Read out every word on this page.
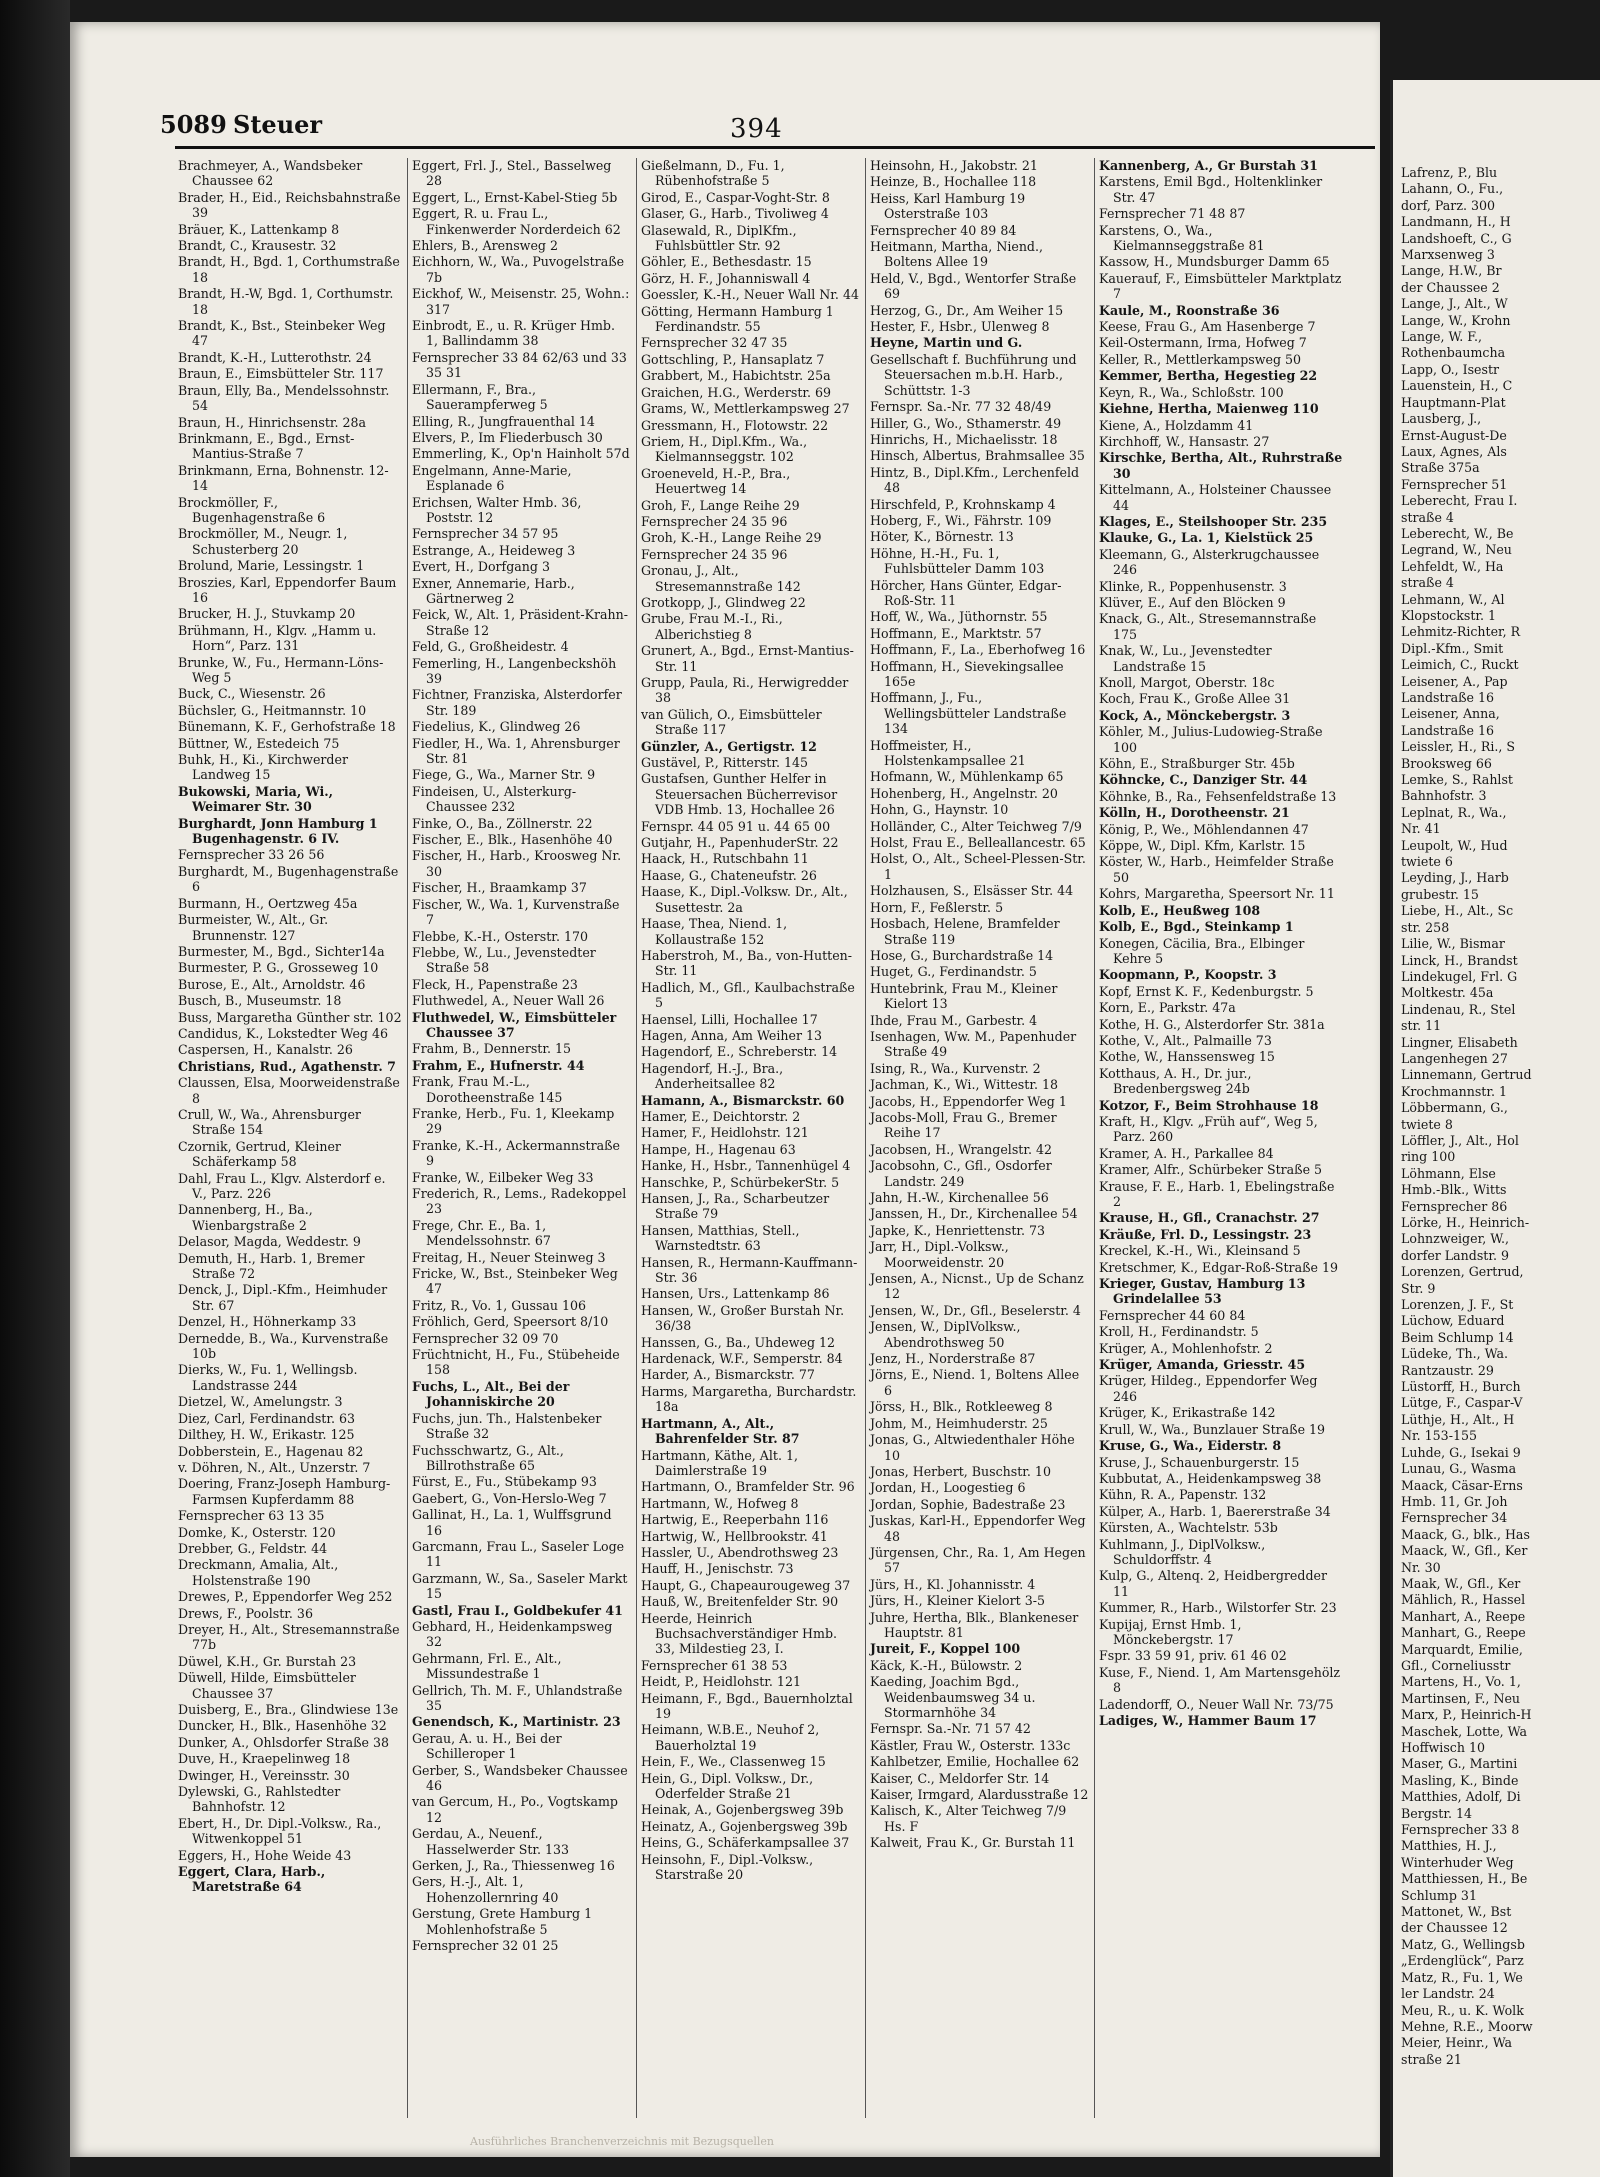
5089 Steuer	394

Brachmeyer, A., Wandsbeker Chaussee 62

Brader, H., Eid., Reichsbahnstraße 39

Bräuer, K., Lattenkamp 8

Brandt, C., Krausestr. 32

Brandt, H., Bgd. 1, Corthumstraße 18

Brandt, H.-W, Bgd. 1, Corthumstr. 18

Brandt, K., Bst., Steinbeker Weg 47

Brandt, K.-H., Lutterothstr. 24

Braun, E., Eimsbütteler Str. 117

Braun, Elly, Ba., Mendelssohnstr. 54

Braun, H., Hinrichsenstr. 28a

Brinkmann, E., Bgd., Ernst-Mantius-Straße 7

Brinkmann, Erna, Bohnenstr. 12-14

Brockmöller, F., Bugenhagenstraße 6

Brockmöller, M., Neugr. 1, Schusterberg 20

Brolund, Marie, Lessingstr. 1

Broszies, Karl, Eppendorfer Baum 16

Brucker, H. J., Stuvkamp 20

Brühmann, H., Klgv. „Hamm u. Horn“, Parz. 131

Brunke, W., Fu., Hermann-Löns-Weg 5

Buck, C., Wiesenstr. 26

Büchsler, G., Heitmannstr. 10

Bünemann, K. F., Gerhofstraße 18

Büttner, W., Estedeich 75

Buhk, H., Ki., Kirchwerder Landweg 15

Bukowski, Maria, Wi., Weimarer Str. 30

Burghardt, Jonn Hamburg 1 Bugenhagenstr. 6 IV.

Fernsprecher 33 26 56

Burghardt, M., Bugenhagenstraße 6

Burmann, H., Oertzweg 45a

Burmeister, W., Alt., Gr. Brunnenstr. 127

Burmester, M., Bgd., Sichter14a

Burmester, P. G., Grosseweg 10

Burose, E., Alt., Arnoldstr. 46

Busch, B., Museumstr. 18

Buss, Margaretha Günther str. 102

Candidus, K., Lokstedter Weg 46

Caspersen, H., Kanalstr. 26

Christians, Rud., Agathenstr. 7

Claussen, Elsa, Moorweidenstraße 8

Crull, W., Wa., Ahrensburger Straße 154

Czornik, Gertrud, Kleiner Schäferkamp 58

Dahl, Frau L., Klgv. Alsterdorf e. V., Parz. 226

Dannenberg, H., Ba., Wienbargstraße 2

Delasor, Magda, Weddestr. 9

Demuth, H., Harb. 1, Bremer Straße 72

Denck, J., Dipl.-Kfm., Heimhuder Str. 67

Denzel, H., Höhnerkamp 33

Dernedde, B., Wa., Kurvenstraße 10b

Dierks, W., Fu. 1, Wellingsb. Landstrasse 244

Dietzel, W., Amelungstr. 3

Diez, Carl, Ferdinandstr. 63

Dilthey, H. W., Erikastr. 125

Dobberstein, E., Hagenau 82

v. Döhren, N., Alt., Unzerstr. 7

Doering, Franz-Joseph Hamburg-Farmsen Kupferdamm 88

Fernsprecher 63 13 35

Domke, K., Osterstr. 120

Drebber, G., Feldstr. 44

Dreckmann, Amalia, Alt., Holstenstraße 190

Drewes, P., Eppendorfer Weg 252

Drews, F., Poolstr. 36

Dreyer, H., Alt., Stresemannstraße 77b

Düwel, K.H., Gr. Burstah 23

Düwell, Hilde, Eimsbütteler Chaussee 37

Duisberg, E., Bra., Glindwiese 13e

Duncker, H., Blk., Hasenhöhe 32

Dunker, A., Ohlsdorfer Straße 38

Duve, H., Kraepelinweg 18

Dwinger, H., Vereinsstr. 30

Dylewski, G., Rahlstedter Bahnhofstr. 12

Ebert, H., Dr. Dipl.-Volksw., Ra., Witwenkoppel 51

Eggers, H., Hohe Weide 43

Eggert, Clara, Harb., Maretstraße 64

Eggert, Frl. J., Stel., Basselweg 28

Eggert, L., Ernst-Kabel-Stieg 5b

Eggert, R. u. Frau L., Finkenwerder Norderdeich 62

Ehlers, B., Arensweg 2

Eichhorn, W., Wa., Puvogelstraße 7b

Eickhof, W., Meisenstr. 25, Wohn.: 317

Einbrodt, E., u. R. Krüger Hmb. 1, Ballindamm 38

Fernsprecher 33 84 62/63 und 33 35 31

Ellermann, F., Bra., Sauerampferweg 5

Elling, R., Jungfrauenthal 14

Elvers, P., Im Fliederbusch 30

Emmerling, K., Op'n Hainholt 57d

Engelmann, Anne-Marie, Esplanade 6

Erichsen, Walter Hmb. 36, Poststr. 12

Fernsprecher 34 57 95

Estrange, A., Heideweg 3

Evert, H., Dorfgang 3

Exner, Annemarie, Harb., Gärtnerweg 2

Feick, W., Alt. 1, Präsident-Krahn-Straße 12

Feld, G., Großheidestr. 4

Femerling, H., Langenbeckshöh 39

Fichtner, Franziska, Alsterdorfer Str. 189

Fiedelius, K., Glindweg 26

Fiedler, H., Wa. 1, Ahrensburger Str. 81

Fiege, G., Wa., Marner Str. 9

Findeisen, U., Alsterkurg-Chaussee 232

Finke, O., Ba., Zöllnerstr. 22

Fischer, E., Blk., Hasenhöhe 40

Fischer, H., Harb., Kroosweg Nr. 30

Fischer, H., Braamkamp 37

Fischer, W., Wa. 1, Kurvenstraße 7

Flebbe, K.-H., Osterstr. 170

Flebbe, W., Lu., Jevenstedter Straße 58

Fleck, H., Papenstraße 23

Fluthwedel, A., Neuer Wall 26

Fluthwedel, W., Eimsbütteler Chaussee 37

Frahm, B., Dennerstr. 15

Frahm, E., Hufnerstr. 44

Frank, Frau M.-L., Dorotheenstraße 145

Franke, Herb., Fu. 1, Kleekamp 29

Franke, K.-H., Ackermannstraße 9

Franke, W., Eilbeker Weg 33

Frederich, R., Lems., Radekoppel 23

Frege, Chr. E., Ba. 1, Mendelssohnstr. 67

Freitag, H., Neuer Steinweg 3

Fricke, W., Bst., Steinbeker Weg 47

Fritz, R., Vo. 1, Gussau 106

Fröhlich, Gerd, Speersort 8/10

Fernsprecher 32 09 70

Früchtnicht, H., Fu., Stübeheide 158

Fuchs, L., Alt., Bei der Johanniskirche 20

Fuchs, jun. Th., Halstenbeker Straße 32

Fuchsschwartz, G., Alt., Billrothstraße 65

Fürst, E., Fu., Stübekamp 93

Gaebert, G., Von-Herslo-Weg 7

Gallinat, H., La. 1, Wulffsgrund 16

Garcmann, Frau L., Saseler Loge 11

Garzmann, W., Sa., Saseler Markt 15

Gastl, Frau I., Goldbekufer 41

Gebhard, H., Heidenkampsweg 32

Gehrmann, Frl. E., Alt., Missundestraße 1

Gellrich, Th. M. F., Uhlandstraße 35

Genendsch, K., Martinistr. 23

Gerau, A. u. H., Bei der Schilleroper 1

Gerber, S., Wandsbeker Chaussee 46

van Gercum, H., Po., Vogtskamp 12

Gerdau, A., Neuenf., Hasselwerder Str. 133

Gerken, J., Ra., Thiessenweg 16

Gers, H.-J., Alt. 1, Hohenzollernring 40

Gerstung, Grete Hamburg 1 Mohlenhofstraße 5

Fernsprecher 32 01 25

Gießelmann, D., Fu. 1, Rübenhofstraße 5

Girod, E., Caspar-Voght-Str. 8

Glaser, G., Harb., Tivoliweg 4

Glasewald, R., DiplKfm., Fuhlsbüttler Str. 92

Göhler, E., Bethesdastr. 15

Görz, H. F., Johanniswall 4

Goessler, K.-H., Neuer Wall Nr. 44

Götting, Hermann Hamburg 1 Ferdinandstr. 55

Fernsprecher 32 47 35

Gottschling, P., Hansaplatz 7

Grabbert, M., Habichtstr. 25a

Graichen, H.G., Werderstr. 69

Grams, W., Mettlerkampsweg 27

Gressmann, H., Flotowstr. 22

Griem, H., Dipl.Kfm., Wa., Kielmannseggstr. 102

Groeneveld, H.-P., Bra., Heuertweg 14

Groh, F., Lange Reihe 29

Fernsprecher 24 35 96

Groh, K.-H., Lange Reihe 29

Fernsprecher 24 35 96

Gronau, J., Alt., Stresemannstraße 142

Grotkopp, J., Glindweg 22

Grube, Frau M.-I., Ri., Alberichstieg 8

Grunert, A., Bgd., Ernst-Mantius-Str. 11

Grupp, Paula, Ri., Herwigredder 38

van Gülich, O., Eimsbütteler Straße 117

Günzler, A., Gertigstr. 12

Gustävel, P., Ritterstr. 145

Gustafsen, Gunther Helfer in Steuersachen Bücherrevisor VDB Hmb. 13, Hochallee 26

Fernspr. 44 05 91 u. 44 65 00

Gutjahr, H., PapenhuderStr. 22

Haack, H., Rutschbahn 11

Haase, G., Chateneufstr. 26

Haase, K., Dipl.-Volksw. Dr., Alt., Susettestr. 2a

Haase, Thea, Niend. 1, Kollaustraße 152

Haberstroh, M., Ba., von-Hutten-Str. 11

Hadlich, M., Gfl., Kaulbachstraße 5

Haensel, Lilli, Hochallee 17

Hagen, Anna, Am Weiher 13

Hagendorf, E., Schreberstr. 14

Hagendorf, H.-J., Bra., Anderheitsallee 82

Hamann, A., Bismarckstr. 60

Hamer, E., Deichtorstr. 2

Hamer, F., Heidlohstr. 121

Hampe, H., Hagenau 63

Hanke, H., Hsbr., Tannenhügel 4

Hanschke, P., SchürbekerStr. 5

Hansen, J., Ra., Scharbeutzer Straße 79

Hansen, Matthias, Stell., Warnstedtstr. 63

Hansen, R., Hermann-Kauffmann-Str. 36

Hansen, Urs., Lattenkamp 86

Hansen, W., Großer Burstah Nr. 36/38

Hanssen, G., Ba., Uhdeweg 12

Hardenack, W.F., Semperstr. 84

Harder, A., Bismarckstr. 77

Harms, Margaretha, Burchardstr. 18a

Hartmann, A., Alt., Bahrenfelder Str. 87

Hartmann, Käthe, Alt. 1, Daimlerstraße 19

Hartmann, O., Bramfelder Str. 96

Hartmann, W., Hofweg 8

Hartwig, E., Reeperbahn 116

Hartwig, W., Hellbrookstr. 41

Hassler, U., Abendrothsweg 23

Hauff, H., Jenischstr. 73

Haupt, G., Chapeaurougeweg 37

Hauß, W., Breitenfelder Str. 90

Heerde, Heinrich Buchsachverständiger Hmb. 33, Mildestieg 23, I.

Fernsprecher 61 38 53

Heidt, P., Heidlohstr. 121

Heimann, F., Bgd., Bauernholztal 19

Heimann, W.B.E., Neuhof 2, Bauerholztal 19

Hein, F., We., Classenweg 15

Hein, G., Dipl. Volksw., Dr., Oderfelder Straße 21

Heinak, A., Gojenbergsweg 39b

Heinatz, A., Gojenbergsweg 39b

Heins, G., Schäferkampsallee 37

Heinsohn, F., Dipl.-Volksw., Starstraße 20

Heinsohn, H., Jakobstr. 21

Heinze, B., Hochallee 118

Heiss, Karl Hamburg 19 Osterstraße 103

Fernsprecher 40 89 84

Heitmann, Martha, Niend., Boltens Allee 19

Held, V., Bgd., Wentorfer Straße 69

Herzog, G., Dr., Am Weiher 15

Hester, F., Hsbr., Ulenweg 8

Heyne, Martin und G.

Gesellschaft f. Buchführung und Steuersachen m.b.H. Harb., Schüttstr. 1-3

Fernspr. Sa.-Nr. 77 32 48/49

Hiller, G., Wo., Sthamerstr. 49

Hinrichs, H., Michaelisstr. 18

Hinsch, Albertus, Brahmsallee 35

Hintz, B., Dipl.Kfm., Lerchenfeld 48

Hirschfeld, P., Krohnskamp 4

Hoberg, F., Wi., Fährstr. 109

Höter, K., Börnestr. 13

Höhne, H.-H., Fu. 1, Fuhlsbütteler Damm 103

Hörcher, Hans Günter, Edgar-Roß-Str. 11

Hoff, W., Wa., Jüthornstr. 55

Hoffmann, E., Marktstr. 57

Hoffmann, F., La., Eberhofweg 16

Hoffmann, H., Sievekingsallee 165e

Hoffmann, J., Fu., Wellingsbütteler Landstraße 134

Hoffmeister, H., Holstenkampsallee 21

Hofmann, W., Mühlenkamp 65

Hohenberg, H., Angelnstr. 20

Hohn, G., Haynstr. 10

Holländer, C., Alter Teichweg 7/9

Holst, Frau E., Belleallancestr. 65

Holst, O., Alt., Scheel-Plessen-Str. 1

Holzhausen, S., Elsässer Str. 44

Horn, F., Feßlerstr. 5

Hosbach, Helene, Bramfelder Straße 119

Hose, G., Burchardstraße 14

Huget, G., Ferdinandstr. 5

Huntebrink, Frau M., Kleiner Kielort 13

Ihde, Frau M., Garbestr. 4

Isenhagen, Ww. M., Papenhuder Straße 49

Ising, R., Wa., Kurvenstr. 2

Jachman, K., Wi., Wittestr. 18

Jacobs, H., Eppendorfer Weg 1

Jacobs-Moll, Frau G., Bremer Reihe 17

Jacobsen, H., Wrangelstr. 42

Jacobsohn, C., Gfl., Osdorfer Landstr. 249

Jahn, H.-W., Kirchenallee 56

Janssen, H., Dr., Kirchenallee 54

Japke, K., Henriettenstr. 73

Jarr, H., Dipl.-Volksw., Moorweidenstr. 20

Jensen, A., Nicnst., Up de Schanz 12

Jensen, W., Dr., Gfl., Beselerstr. 4

Jensen, W., DiplVolksw., Abendrothsweg 50

Jenz, H., Norderstraße 87

Jörns, E., Niend. 1, Boltens Allee 6

Jörss, H., Blk., Rotkleeweg 8

Johm, M., Heimhuderstr. 25

Jonas, G., Altwiedenthaler Höhe 10

Jonas, Herbert, Buschstr. 10

Jordan, H., Loogestieg 6

Jordan, Sophie, Badestraße 23

Juskas, Karl-H., Eppendorfer Weg 48

Jürgensen, Chr., Ra. 1, Am Hegen 57

Jürs, H., Kl. Johannisstr. 4

Jürs, H., Kleiner Kielort 3-5

Juhre, Hertha, Blk., Blankeneser Hauptstr. 81

Jureit, F., Koppel 100

Käck, K.-H., Bülowstr. 2

Kaeding, Joachim Bgd., Weidenbaumsweg 34 u. Stormarnhöhe 34

Fernspr. Sa.-Nr. 71 57 42

Kästler, Frau W., Osterstr. 133c

Kahlbetzer, Emilie, Hochallee 62

Kaiser, C., Meldorfer Str. 14

Kaiser, Irmgard, Alardusstraße 12

Kalisch, K., Alter Teichweg 7/9 Hs. F

Kalweit, Frau K., Gr. Burstah 11

Kannenberg, A., Gr Burstah 31

Karstens, Emil Bgd., Holtenklinker Str. 47

Fernsprecher 71 48 87

Karstens, O., Wa., Kielmannseggstraße 81

Kassow, H., Mundsburger Damm 65

Kauerauf, F., Eimsbütteler Marktplatz 7

Kaule, M., Roonstraße 36

Keese, Frau G., Am Hasenberge 7

Keil-Ostermann, Irma, Hofweg 7

Keller, R., Mettlerkampsweg 50

Kemmer, Bertha, Hegestieg 22

Keyn, R., Wa., Schloßstr. 100

Kiehne, Hertha, Maienweg 110

Kiene, A., Holzdamm 41

Kirchhoff, W., Hansastr. 27

Kirschke, Bertha, Alt., Ruhrstraße 30

Kittelmann, A., Holsteiner Chaussee 44

Klages, E., Steilshooper Str. 235

Klauke, G., La. 1, Kielstück 25

Kleemann, G., Alsterkrugchaussee 246

Klinke, R., Poppenhusenstr. 3

Klüver, E., Auf den Blöcken 9

Knack, G., Alt., Stresemannstraße 175

Knak, W., Lu., Jevenstedter Landstraße 15

Knoll, Margot, Oberstr. 18c

Koch, Frau K., Große Allee 31

Kock, A., Mönckebergstr. 3

Köhler, M., Julius-Ludowieg-Straße 100

Köhn, E., Straßburger Str. 45b

Köhncke, C., Danziger Str. 44

Köhnke, B., Ra., Fehsenfeldstraße 13

Kölln, H., Dorotheenstr. 21

König, P., We., Möhlendannen 47

Köppe, W., Dipl. Kfm, Karlstr. 15

Köster, W., Harb., Heimfelder Straße 50

Kohrs, Margaretha, Speersort Nr. 11

Kolb, E., Heußweg 108

Kolb, E., Bgd., Steinkamp 1

Konegen, Cäcilia, Bra., Elbinger Kehre 5

Koopmann, P., Koopstr. 3

Kopf, Ernst K. F., Kedenburgstr. 5

Korn, E., Parkstr. 47a

Kothe, H. G., Alsterdorfer Str. 381a

Kothe, V., Alt., Palmaille 73

Kothe, W., Hanssensweg 15

Kotthaus, A. H., Dr. jur., Bredenbergsweg 24b

Kotzor, F., Beim Strohhause 18

Kraft, H., Klgv. „Früh auf“, Weg 5, Parz. 260

Kramer, A. H., Parkallee 84

Kramer, Alfr., Schürbeker Straße 5

Krause, F. E., Harb. 1, Ebelingstraße 2

Krause, H., Gfl., Cranachstr. 27

Kräuße, Frl. D., Lessingstr. 23

Kreckel, K.-H., Wi., Kleinsand 5

Kretschmer, K., Edgar-Roß-Straße 19

Krieger, Gustav, Hamburg 13 Grindelallee 53

Fernsprecher 44 60 84

Kroll, H., Ferdinandstr. 5

Krüger, A., Mohlenhofstr. 2

Krüger, Amanda, Griesstr. 45

Krüger, Hildeg., Eppendorfer Weg 246

Krüger, K., Erikastraße 142

Krull, W., Wa., Bunzlauer Straße 19

Kruse, G., Wa., Eiderstr. 8

Kruse, J., Schauenburgerstr. 15

Kubbutat, A., Heidenkampsweg 38

Kühn, R. A., Papenstr. 132

Külper, A., Harb. 1, Baererstraße 34

Kürsten, A., Wachtelstr. 53b

Kuhlmann, J., DiplVolksw., Schuldorffstr. 4

Kulp, G., Altenq. 2, Heidbergredder 11

Kummer, R., Harb., Wilstorfer Str. 23

Kupijaj, Ernst Hmb. 1, Mönckebergstr. 17

Fspr. 33 59 91, priv. 61 46 02

Kuse, F., Niend. 1, Am Martensgehölz 8

Ladendorff, O., Neuer Wall Nr. 73/75

Ladiges, W., Hammer Baum 17

Ausführliches Branchenverzeichnis mit Bezugsquellen

Lafrenz, P., Blu

Lahann, O., Fu.,

dorf, Parz. 300

Landmann, H., H

Landshoeft, C., G

Marxsenweg 3

Lange, H.W., Br

der Chaussee 2

Lange, J., Alt., W

Lange, W., Krohn

Lange, W. F.,

Rothenbaumcha

Lapp, O., Isestr

Lauenstein, H., C

Hauptmann-Plat

Lausberg, J.,

Ernst-August-De

Laux, Agnes, Als

Straße 375a

Fernsprecher 51

Leberecht, Frau I.

straße 4

Leberecht, W., Be

Legrand, W., Neu

Lehfeldt, W., Ha

straße 4

Lehmann, W., Al

Klopstockstr. 1

Lehmitz-Richter, R

Dipl.-Kfm., Smit

Leimich, C., Ruckt

Leisener, A., Pap

Landstraße 16

Leisener, Anna,

Landstraße 16

Leissler, H., Ri., S

Brooksweg 66

Lemke, S., Rahlst

Bahnhofstr. 3

Leplnat, R., Wa.,

Nr. 41

Leupolt, W., Hud

twiete 6

Leyding, J., Harb

grubestr. 15

Liebe, H., Alt., Sc

str. 258

Lilie, W., Bismar

Linck, H., Brandst

Lindekugel, Frl. G

Moltkestr. 45a

Lindenau, R., Stel

str. 11

Lingner, Elisabeth

Langenhegen 27

Linnemann, Gertrud

Krochmannstr. 1

Löbbermann, G.,

twiete 8

Löffler, J., Alt., Hol

ring 100

Löhmann, Else

Hmb.-Blk., Witts

Fernsprecher 86

Lörke, H., Heinrich-

Lohnzweiger, W.,

dorfer Landstr. 9

Lorenzen, Gertrud,

Str. 9

Lorenzen, J. F., St

Lüchow, Eduard

Beim Schlump 14

Lüdeke, Th., Wa.

Rantzaustr. 29

Lüstorff, H., Burch

Lütge, F., Caspar-V

Lüthje, H., Alt., H

Nr. 153-155

Luhde, G., Isekai 9

Lunau, G., Wasma

Maack, Cäsar-Erns

Hmb. 11, Gr. Joh

Fernsprecher 34

Maack, G., blk., Has

Maack, W., Gfl., Ker

Nr. 30

Maak, W., Gfl., Ker

Mählich, R., Hassel

Manhart, A., Reepe

Manhart, G., Reepe

Marquardt, Emilie,

Gfl., Corneliusstr

Martens, H., Vo. 1,

Martinsen, F., Neu

Marx, P., Heinrich-H

Maschek, Lotte, Wa

Hoffwisch 10

Maser, G., Martini

Masling, K., Binde

Matthies, Adolf, Di

Bergstr. 14

Fernsprecher 33 8

Matthies, H. J.,

Winterhuder Weg

Matthiessen, H., Be

Schlump 31

Mattonet, W., Bst

der Chaussee 12

Matz, G., Wellingsb

„Erdenglück“, Parz

Matz, R., Fu. 1, We

ler Landstr. 24

Meu, R., u. K. Wolk

Mehne, R.E., Moorw

Meier, Heinr., Wa

straße 21
